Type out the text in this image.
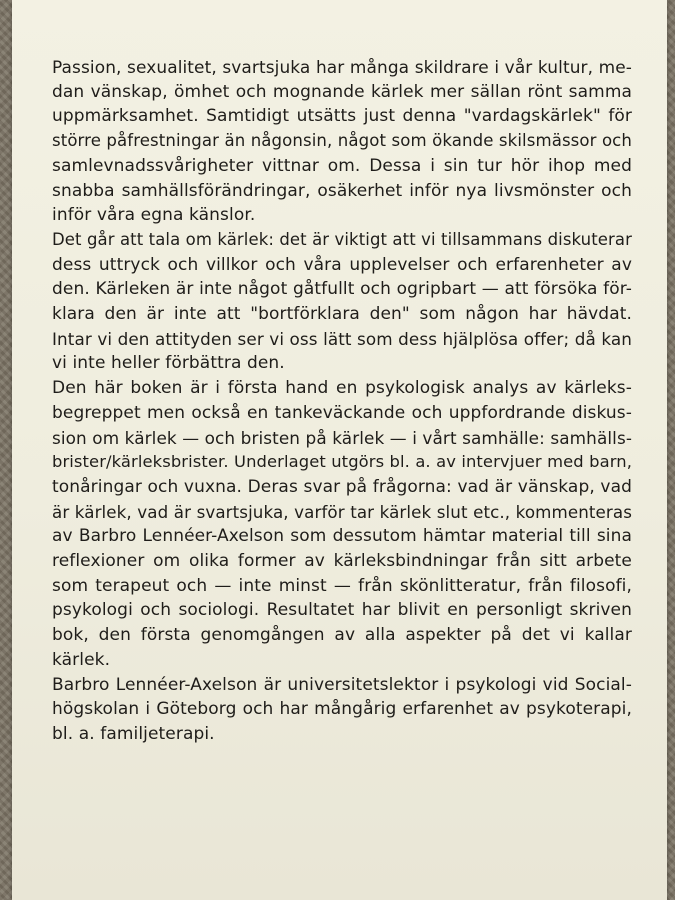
Passion, sexualitet, svartsjuka har många skildrare i vår kultur, me-
dan vänskap, ömhet och mognande kärlek mer sällan rönt samma
uppmärksamhet. Samtidigt utsätts just denna "vardagskärlek" för
större påfrestningar än någonsin, något som ökande skilsmässor och
samlevnadssvårigheter vittnar om. Dessa i sin tur hör ihop med
snabba samhällsförändringar, osäkerhet inför nya livsmönster och
inför våra egna känslor.
Det går att tala om kärlek: det är viktigt att vi tillsammans diskuterar
dess uttryck och villkor och våra upplevelser och erfarenheter av
den. Kärleken är inte något gåtfullt och ogripbart — att försöka för-
klara den är inte att "bortförklara den" som någon har hävdat.
Intar vi den attityden ser vi oss lätt som dess hjälplösa offer; då kan
vi inte heller förbättra den.
Den här boken är i första hand en psykologisk analys av kärleks-
begreppet men också en tankeväckande och uppfordrande diskus-
sion om kärlek — och bristen på kärlek — i vårt samhälle: samhälls-
brister/kärleksbrister. Underlaget utgörs bl. a. av intervjuer med barn,
tonåringar och vuxna. Deras svar på frågorna: vad är vänskap, vad
är kärlek, vad är svartsjuka, varför tar kärlek slut etc., kommenteras
av Barbro Lennéer-Axelson som dessutom hämtar material till sina
reflexioner om olika former av kärleksbindningar från sitt arbete
som terapeut och — inte minst — från skönlitteratur, från filosofi,
psykologi och sociologi. Resultatet har blivit en personligt skriven
bok, den första genomgången av alla aspekter på det vi kallar
kärlek.
Barbro Lennéer-Axelson är universitetslektor i psykologi vid Social-
högskolan i Göteborg och har mångårig erfarenhet av psykoterapi,
bl. a. familjeterapi.
